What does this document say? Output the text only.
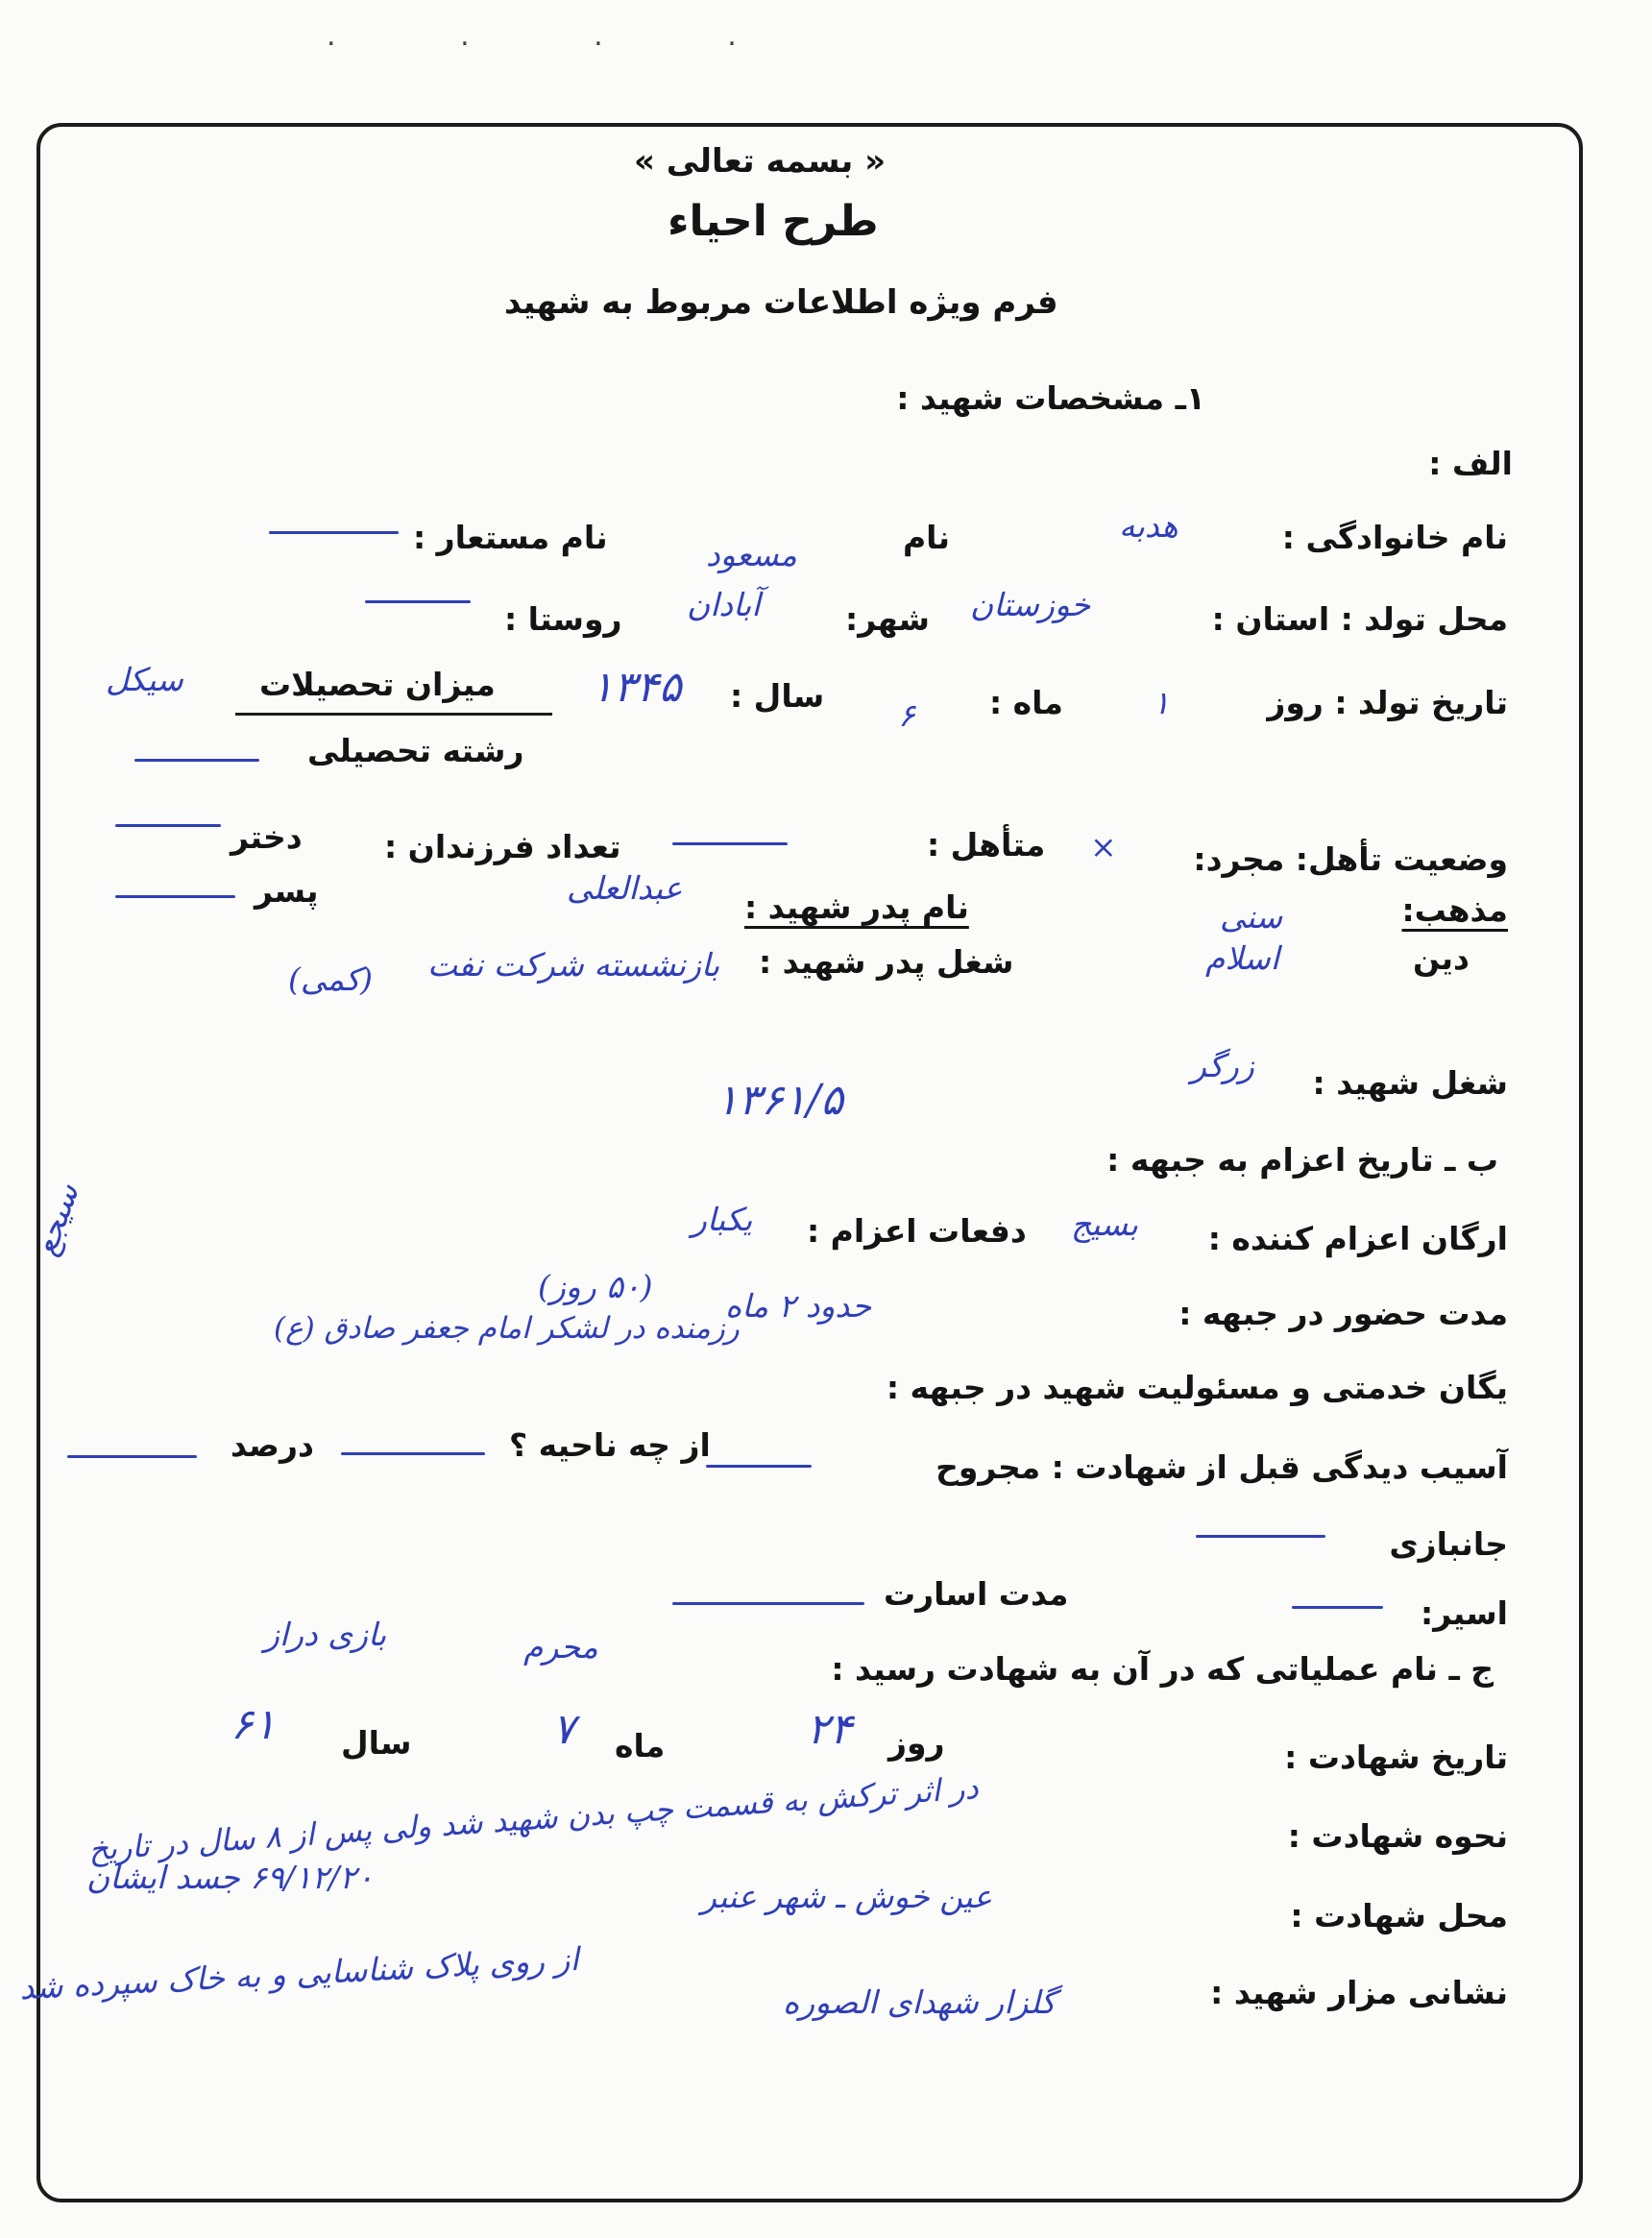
. . . .
« بسمه تعالی »
طرح احیاء
فرم ویژه اطلاعات مربوط به شهید
۱ـ مشخصات شهید :
الف :
نام خانوادگی :
هدبه
نام
مسعود
نام مستعار :
محل تولد : استان :
خوزستان
شهر:
آبادان
روستا :
تاریخ تولد : روز
۱
ماه :
۶
سال :
۱۳۴۵
میزان تحصیلات
سیکل
رشته تحصیلی
وضعیت تأهل: مجرد:
×
متأهل :
تعداد فرزندان :
دختر
پسر
مذهب:
سنی
دین
اسلام
نام پدر شهید :
عبدالعلی
شغل پدر شهید :
بازنشسته شرکت نفت
(کمی)
شغل شهید :
زرگر
۱۳۶۱/۵
ب ـ تاریخ اعزام به جبهه :
ارگان اعزام کننده :
بسیج
دفعات اعزام :
یکبار
(۵۰ روز)
مدت حضور در جبهه :
حدود ۲ ماه
یگان خدمتی و مسئولیت شهید در جبهه :
رزمنده در لشکر امام جعفر صادق (ع)
سیجع
آسیب دیدگی قبل از شهادت : مجروح
از چه ناحیه ؟
درصد
جانبازی
اسیر:
مدت اسارت
بازی دراز	محرم
ج ـ نام عملیاتی که در آن به شهادت رسید :
۶۱ سال	۷ ماه	۲۴ روز	تاریخ شهادت :
نحوه شهادت :
در اثر ترکش به قسمت چپ بدن شهید شد ولی پس از ۸ سال در تاریخ
۶۹/۱۲/۲۰ جسد ایشان
از روی پلاک شناسایی و به خاک سپرده شد
محل شهادت :
عین خوش ـ شهر عنبر
نشانی مزار شهید :
گلزار شهدای الصوره
